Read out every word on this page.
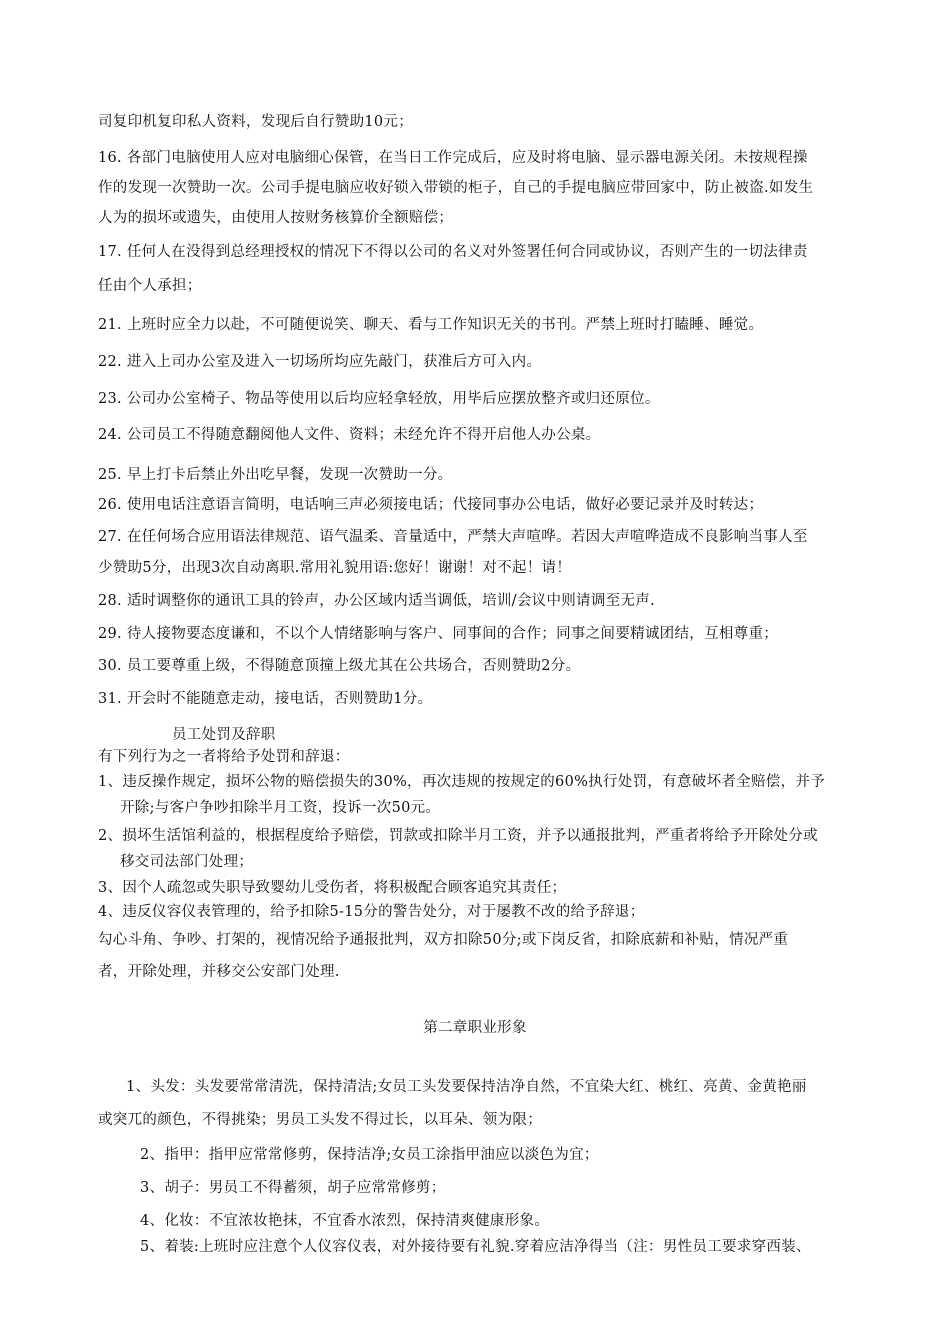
司复印机复印私人资料，发现后自行赞助10元；
16. 各部门电脑使用人应对电脑细心保管，在当日工作完成后，应及时将电脑、显示器电源关闭。未按规程操
作的发现一次赞助一次。公司手提电脑应收好锁入带锁的柜子，自己的手提电脑应带回家中，防止被盗.如发生
人为的损坏或遗失，由使用人按财务核算价全额赔偿；
17. 任何人在没得到总经理授权的情况下不得以公司的名义对外签署任何合同或协议，否则产生的一切法律责
任由个人承担；
21. 上班时应全力以赴，不可随便说笑、聊天、看与工作知识无关的书刊。严禁上班时打瞌睡、睡觉。
22. 进入上司办公室及进入一切场所均应先敲门，获准后方可入内。
23. 公司办公室椅子、物品等使用以后均应轻拿轻放，用毕后应摆放整齐或归还原位。
24. 公司员工不得随意翻阅他人文件、资料；未经允许不得开启他人办公桌。
25. 早上打卡后禁止外出吃早餐，发现一次赞助一分。
26. 使用电话注意语言简明，电话响三声必须接电话；代接同事办公电话，做好必要记录并及时转达；
27. 在任何场合应用语法律规范、语气温柔、音量适中，严禁大声喧哗。若因大声喧哗造成不良影响当事人至
少赞助5分，出现3次自动离职.常用礼貌用语:您好！谢谢！对不起！请！
28. 适时调整你的通讯工具的铃声，办公区域内适当调低，培训/会议中则请调至无声.
29. 待人接物要态度谦和，不以个人情绪影响与客户、同事间的合作；同事之间要精诚团结，互相尊重；
30. 员工要尊重上级，不得随意顶撞上级尤其在公共场合，否则赞助2分。
31. 开会时不能随意走动，接电话，否则赞助1分。
员工处罚及辞职
有下列行为之一者将给予处罚和辞退：
1、违反操作规定，损坏公物的赔偿损失的30%，再次违规的按规定的60%执行处罚，有意破坏者全赔偿，并予
开除;与客户争吵扣除半月工资，投诉一次50元。
2、损坏生活馆利益的，根据程度给予赔偿，罚款或扣除半月工资，并予以通报批判，严重者将给予开除处分或
移交司法部门处理；
3、因个人疏忽或失职导致婴幼儿受伤者，将积极配合顾客追究其责任；
4、违反仪容仪表管理的，给予扣除5-15分的警告处分，对于屡教不改的给予辞退；
勾心斗角、争吵、打架的，视情况给予通报批判，双方扣除50分;或下岗反省，扣除底薪和补贴，情况严重
者，开除处理，并移交公安部门处理.
第二章职业形象
1、头发：头发要常常清洗，保持清洁;女员工头发要保持洁净自然，不宜染大红、桃红、亮黄、金黄艳丽
或突兀的颜色，不得挑染；男员工头发不得过长，以耳朵、领为限；
2、指甲：指甲应常常修剪，保持洁净;女员工涂指甲油应以淡色为宜；
3、胡子：男员工不得蓄须，胡子应常常修剪；
4、化妆：不宜浓妆艳抹，不宜香水浓烈，保持清爽健康形象。
5、着装:上班时应注意个人仪容仪表，对外接待要有礼貌.穿着应洁净得当（注：男性员工要求穿西装、
